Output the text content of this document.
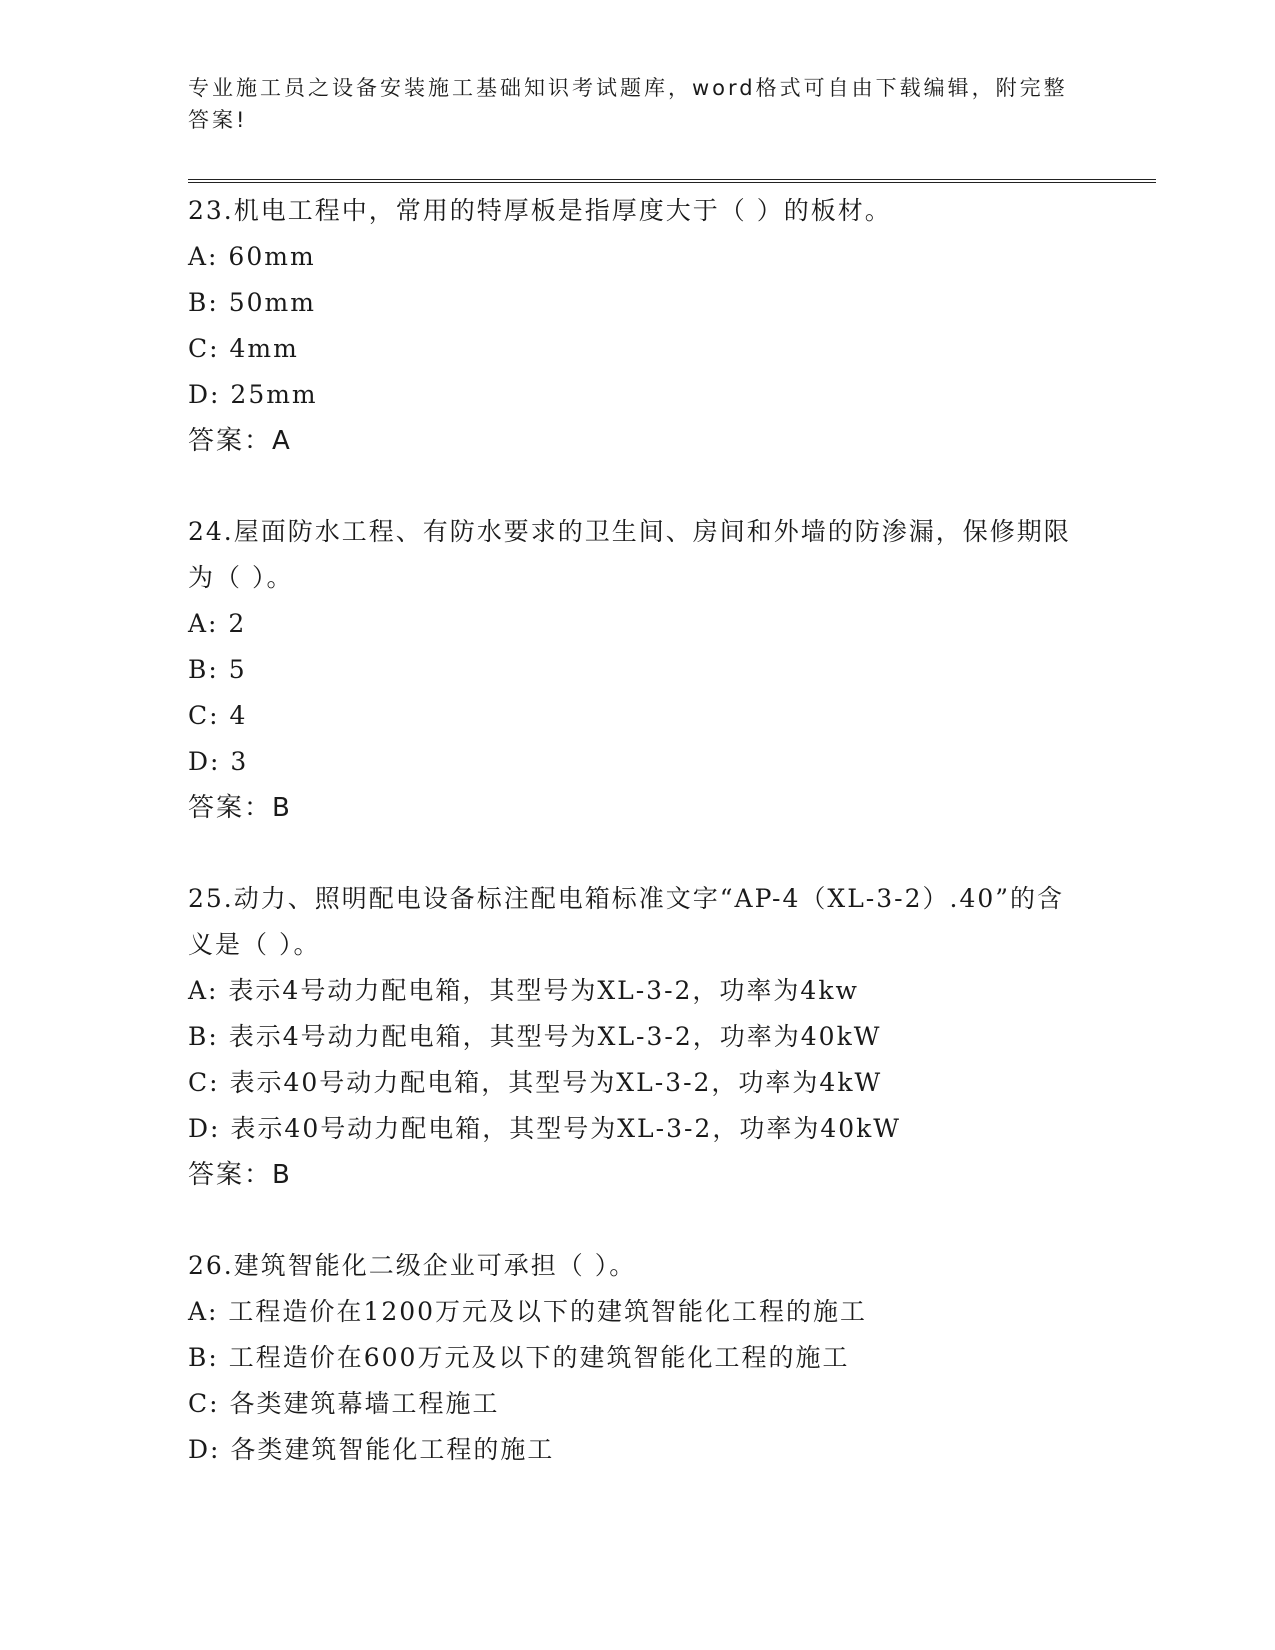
专业施工员之设备安装施工基础知识考试题库，word格式可自由下载编辑，附完整答案!
23.机电工程中，常用的特厚板是指厚度大于（ ）的板材。
A: 60mm
B: 50mm
C: 4mm
D: 25mm
答案：A
24.屋面防水工程、有防水要求的卫生间、房间和外墙的防渗漏，保修期限为（ ）。
A: 2
B: 5
C: 4
D: 3
答案：B
25.动力、照明配电设备标注配电箱标准文字“AP-4（XL-3-2）.40”的含义是（ ）。
A: 表示4号动力配电箱，其型号为XL-3-2，功率为4kw
B: 表示4号动力配电箱，其型号为XL-3-2，功率为40kW
C: 表示40号动力配电箱，其型号为XL-3-2，功率为4kW
D: 表示40号动力配电箱，其型号为XL-3-2，功率为40kW
答案：B
26.建筑智能化二级企业可承担（ ）。
A: 工程造价在1200万元及以下的建筑智能化工程的施工
B: 工程造价在600万元及以下的建筑智能化工程的施工
C: 各类建筑幕墙工程施工
D: 各类建筑智能化工程的施工
